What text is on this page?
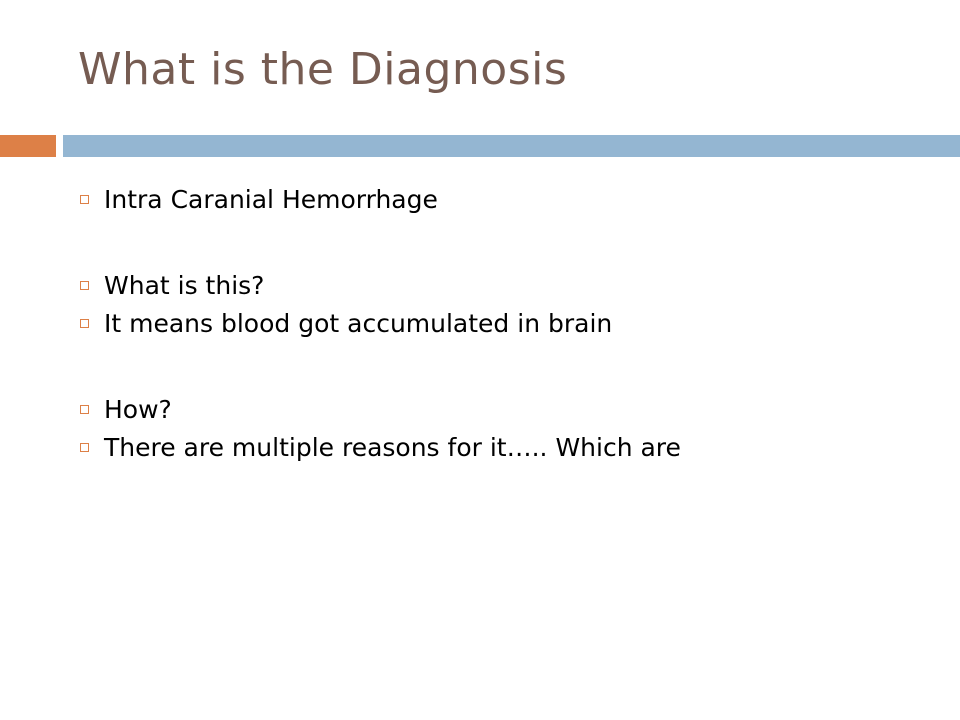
What is the Diagnosis
Intra Caranial Hemorrhage
What is this?
It means blood got accumulated in brain
How?
There are multiple reasons for it….. Which are
